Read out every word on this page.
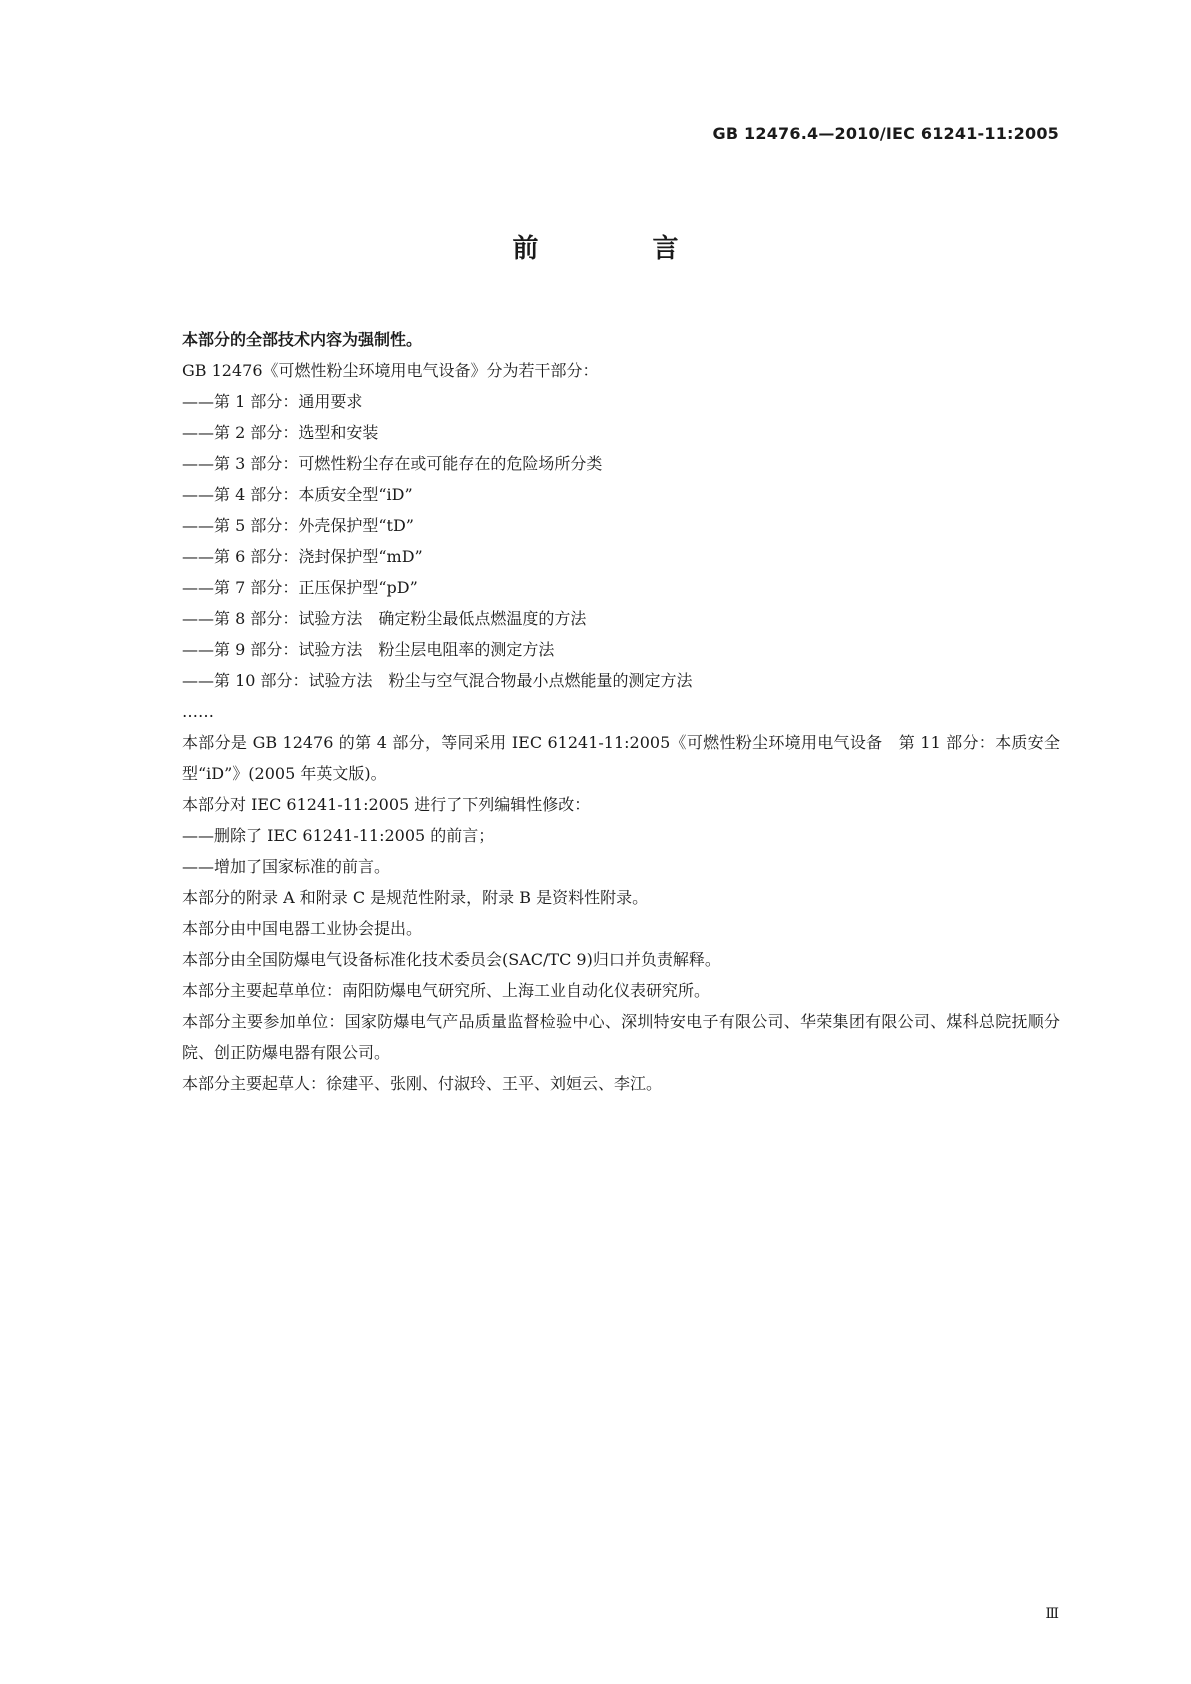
GB 12476.4—2010/IEC 61241-11:2005
前　言

本部分的全部技术内容为强制性。

GB 12476《可燃性粉尘环境用电气设备》分为若干部分：

——第 1 部分：通用要求

——第 2 部分：选型和安装

——第 3 部分：可燃性粉尘存在或可能存在的危险场所分类

——第 4 部分：本质安全型“iD”

——第 5 部分：外壳保护型“tD”

——第 6 部分：浇封保护型“mD”

——第 7 部分：正压保护型“pD”

——第 8 部分：试验方法　确定粉尘最低点燃温度的方法

——第 9 部分：试验方法　粉尘层电阻率的测定方法

——第 10 部分：试验方法　粉尘与空气混合物最小点燃能量的测定方法

……

本部分是 GB 12476 的第 4 部分，等同采用 IEC 61241-11:2005《可燃性粉尘环境用电气设备　第 11 部分：本质安全型“iD”》(2005 年英文版)。

本部分对 IEC 61241-11:2005 进行了下列编辑性修改：

——删除了 IEC 61241-11:2005 的前言；

——增加了国家标准的前言。

本部分的附录 A 和附录 C 是规范性附录，附录 B 是资料性附录。

本部分由中国电器工业协会提出。

本部分由全国防爆电气设备标准化技术委员会(SAC/TC 9)归口并负责解释。

本部分主要起草单位：南阳防爆电气研究所、上海工业自动化仪表研究所。

本部分主要参加单位：国家防爆电气产品质量监督检验中心、深圳特安电子有限公司、华荣集团有限公司、煤科总院抚顺分院、创正防爆电器有限公司。

本部分主要起草人：徐建平、张刚、付淑玲、王平、刘姮云、李江。

Ⅲ
